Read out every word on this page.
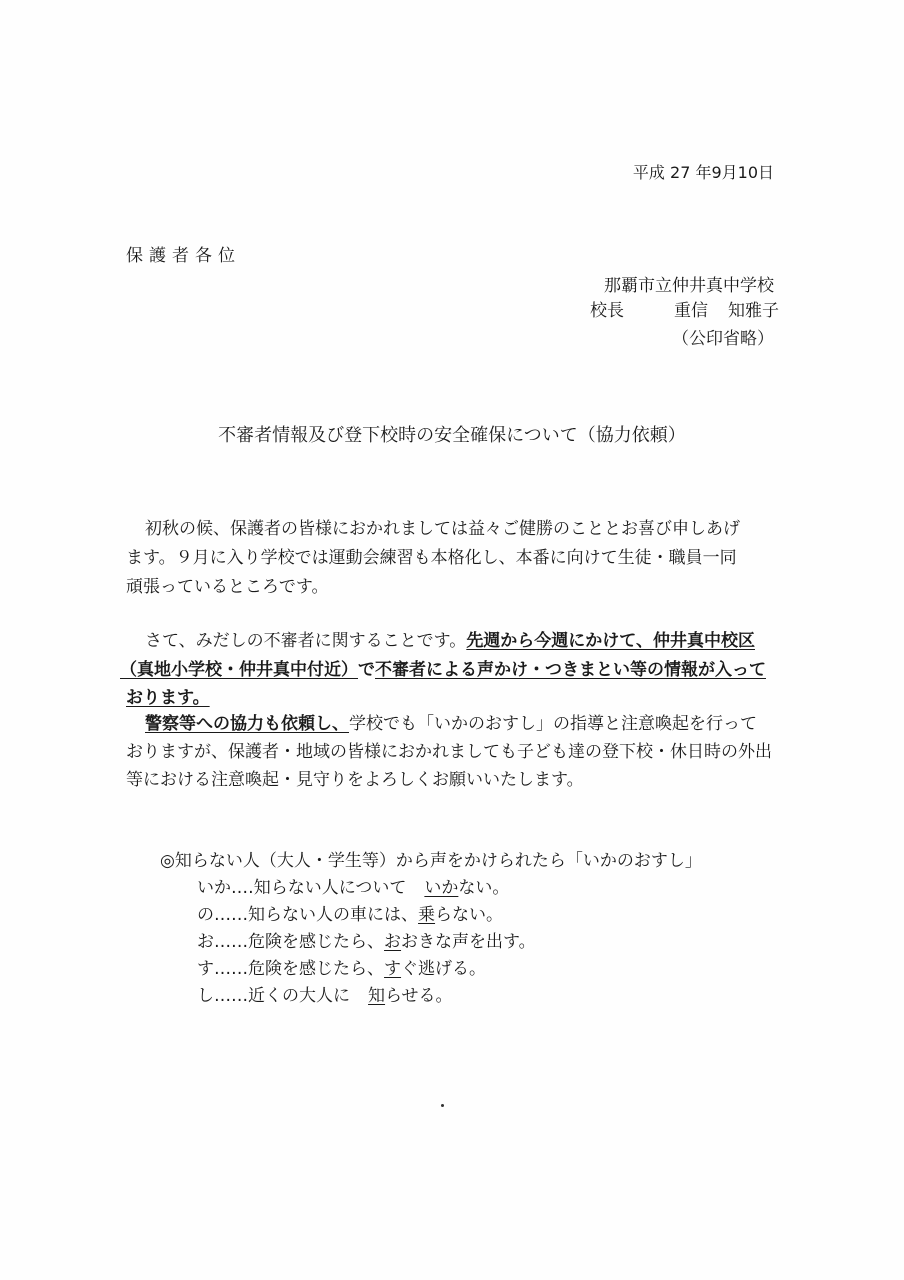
平成 27 年9月10日
保護者各位
那覇市立仲井真中学校
校長	重信 知雅子
（公印省略）
不審者情報及び登下校時の安全確保について（協力依頼）
初秋の候、保護者の皆様におかれましては益々ご健勝のこととお喜び申しあげ
ます。９月に入り学校では運動会練習も本格化し、本番に向けて生徒・職員一同
頑張っているところです。
さて、みだしの不審者に関することです。先週から今週にかけて、仲井真中校区
（真地小学校・仲井真中付近）で不審者による声かけ・つきまとい等の情報が入って
おります。
警察等への協力も依頼し、学校でも「いかのおすし」の指導と注意喚起を行って
おりますが、保護者・地域の皆様におかれましても子ども達の登下校・休日時の外出
等における注意喚起・見守りをよろしくお願いいたします。
◎知らない人（大人・学生等）から声をかけられたら「いかのおすし」
いか‥‥知らない人について いかない。
の‥‥‥知らない人の車には、乗らない。
お‥‥‥危険を感じたら、おおきな声を出す。
す‥‥‥危険を感じたら、すぐ逃げる。
し‥‥‥近くの大人に 知らせる。
